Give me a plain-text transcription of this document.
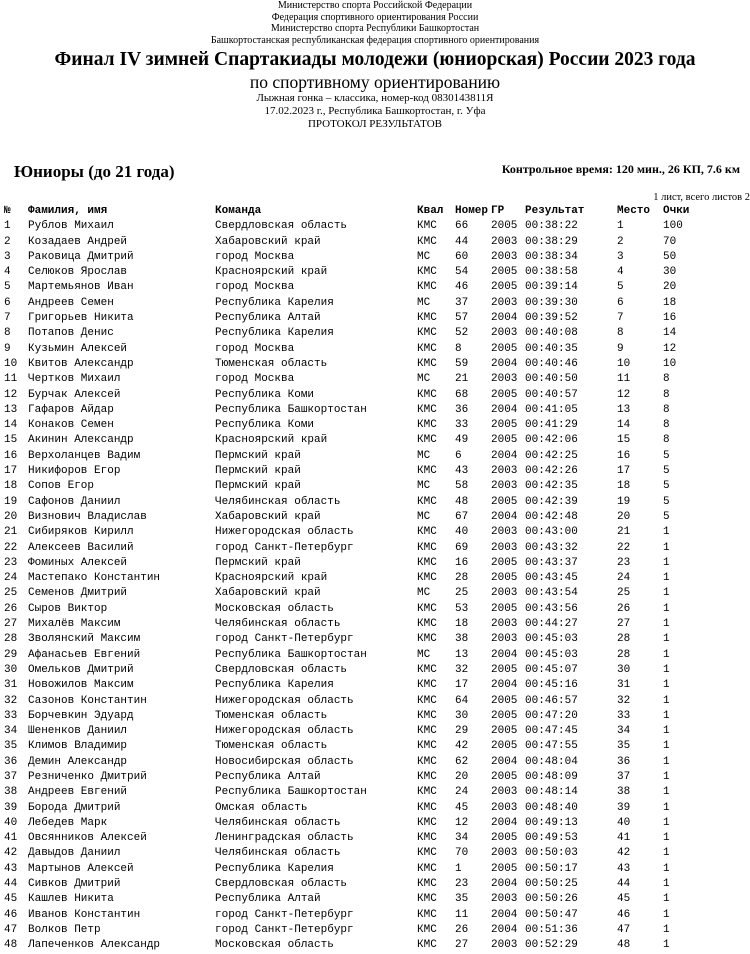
Министерство спорта Российской Федерации
Федерация спортивного ориентирования России
Министерство спорта Республики Башкортостан
Башкортостанская республиканская федерация спортивного ориентирования
Финал IV зимней Спартакиады молодежи (юниорская) России 2023 года
по спортивному ориентированию
Лыжная гонка – классика, номер-код 0830143811Я
17.02.2023 г., Республика Башкортостан, г. Уфа
ПРОТОКОЛ РЕЗУЛЬТАТОВ
Юниоры (до 21 года)	Контрольное время: 120 мин., 26 КП, 7.6 км
1 лист, всего листов 2
№	Фамилия, имя	Команда	Квал	Номер	ГР	Результат	Место	Очки
1	Рублов Михаил	Свердловская область	КМС	66	2005	00:38:22	1	100
2	Козадаев Андрей	Хабаровский край	КМС	44	2003	00:38:29	2	70
3	Раковица Дмитрий	город Москва	МС	60	2003	00:38:34	3	50
4	Селюков Ярослав	Красноярский край	КМС	54	2005	00:38:58	4	30
5	Мартемьянов Иван	город Москва	КМС	46	2005	00:39:14	5	20
6	Андреев Семен	Республика Карелия	МС	37	2003	00:39:30	6	18
7	Григорьев Никита	Республика Алтай	КМС	57	2004	00:39:52	7	16
8	Потапов Денис	Республика Карелия	КМС	52	2003	00:40:08	8	14
9	Кузьмин Алексей	город Москва	КМС	8	2005	00:40:35	9	12
10	Квитов Александр	Тюменская область	КМС	59	2004	00:40:46	10	10
11	Чертков Михаил	город Москва	МС	21	2003	00:40:50	11	8
12	Бурчак Алексей	Республика Коми	КМС	68	2005	00:40:57	12	8
13	Гафаров Айдар	Республика Башкортостан	КМС	36	2004	00:41:05	13	8
14	Конаков Семен	Республика Коми	КМС	33	2005	00:41:29	14	8
15	Акинин Александр	Красноярский край	КМС	49	2005	00:42:06	15	8
16	Верхоланцев Вадим	Пермский край	МС	6	2004	00:42:25	16	5
17	Никифоров Егор	Пермский край	КМС	43	2003	00:42:26	17	5
18	Сопов Егор	Пермский край	МС	58	2003	00:42:35	18	5
19	Сафонов Даниил	Челябинская область	КМС	48	2005	00:42:39	19	5
20	Визнович Владислав	Хабаровский край	МС	67	2004	00:42:48	20	5
21	Сибиряков Кирилл	Нижегородская область	КМС	40	2003	00:43:00	21	1
22	Алексеев Василий	город Санкт-Петербург	КМС	69	2003	00:43:32	22	1
23	Фоминых Алексей	Пермский край	КМС	16	2005	00:43:37	23	1
24	Мастепако Константин	Красноярский край	КМС	28	2005	00:43:45	24	1
25	Семенов Дмитрий	Хабаровский край	МС	25	2003	00:43:54	25	1
26	Сыров Виктор	Московская область	КМС	53	2005	00:43:56	26	1
27	Михалёв Максим	Челябинская область	КМС	18	2003	00:44:27	27	1
28	Зволянский Максим	город Санкт-Петербург	КМС	38	2003	00:45:03	28	1
29	Афанасьев Евгений	Республика Башкортостан	МС	13	2004	00:45:03	28	1
30	Омельков Дмитрий	Свердловская область	КМС	32	2005	00:45:07	30	1
31	Новожилов Максим	Республика Карелия	КМС	17	2004	00:45:16	31	1
32	Сазонов Константин	Нижегородская область	КМС	64	2005	00:46:57	32	1
33	Борчевкин Эдуард	Тюменская область	КМС	30	2005	00:47:20	33	1
34	Шененков Даниил	Нижегородская область	КМС	29	2005	00:47:45	34	1
35	Климов Владимир	Тюменская область	КМС	42	2005	00:47:55	35	1
36	Демин Александр	Новосибирская область	КМС	62	2004	00:48:04	36	1
37	Резниченко Дмитрий	Республика Алтай	КМС	20	2005	00:48:09	37	1
38	Андреев Евгений	Республика Башкортостан	КМС	24	2003	00:48:14	38	1
39	Борода Дмитрий	Омская область	КМС	45	2003	00:48:40	39	1
40	Лебедев Марк	Челябинская область	КМС	12	2004	00:49:13	40	1
41	Овсянников Алексей	Ленинградская область	КМС	34	2005	00:49:53	41	1
42	Давыдов Даниил	Челябинская область	КМС	70	2003	00:50:03	42	1
43	Мартынов Алексей	Республика Карелия	КМС	1	2005	00:50:17	43	1
44	Сивков Дмитрий	Свердловская область	КМС	23	2004	00:50:25	44	1
45	Кашлев Никита	Республика Алтай	КМС	35	2003	00:50:26	45	1
46	Иванов Константин	город Санкт-Петербург	КМС	11	2004	00:50:47	46	1
47	Волков Петр	город Санкт-Петербург	КМС	26	2004	00:51:36	47	1
48	Лапеченков Александр	Московская область	КМС	27	2003	00:52:29	48	1
